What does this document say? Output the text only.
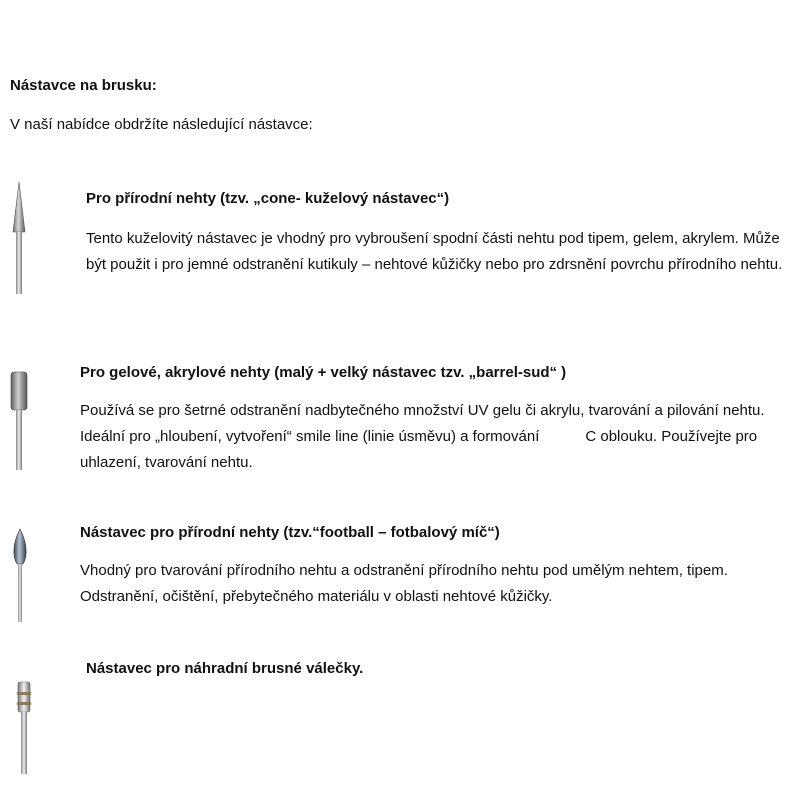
Nástavce na brusku:
V naší nabídce obdržíte následující nástavce:
Pro přírodní nehty (tzv. „cone- kuželový nástavec“)
Tento kuželovitý nástavec je vhodný pro vybroušení spodní části nehtu pod tipem, gelem, akrylem. Může
být použit i pro jemné odstranění kutikuly – nehtové kůžičky nebo pro zdrsnění povrchu přírodního nehtu.
Pro gelové, akrylové nehty (malý + velký nástavec tzv. „barrel-sud“ )
Používá se pro šetrné odstranění nadbytečného množství UV gelu či akrylu, tvarování a pilování nehtu.
Ideální pro „hloubení, vytvoření“ smile line (linie úsměvu) a formování	C oblouku. Používejte pro
uhlazení, tvarování nehtu.
Nástavec pro přírodní nehty (tzv.“football – fotbalový míč“)
Vhodný pro tvarování přírodního nehtu a odstranění přírodního nehtu pod umělým nehtem, tipem.
Odstranění, očištění, přebytečného materiálu v oblasti nehtové kůžičky.
Nástavec pro náhradní brusné válečky.
